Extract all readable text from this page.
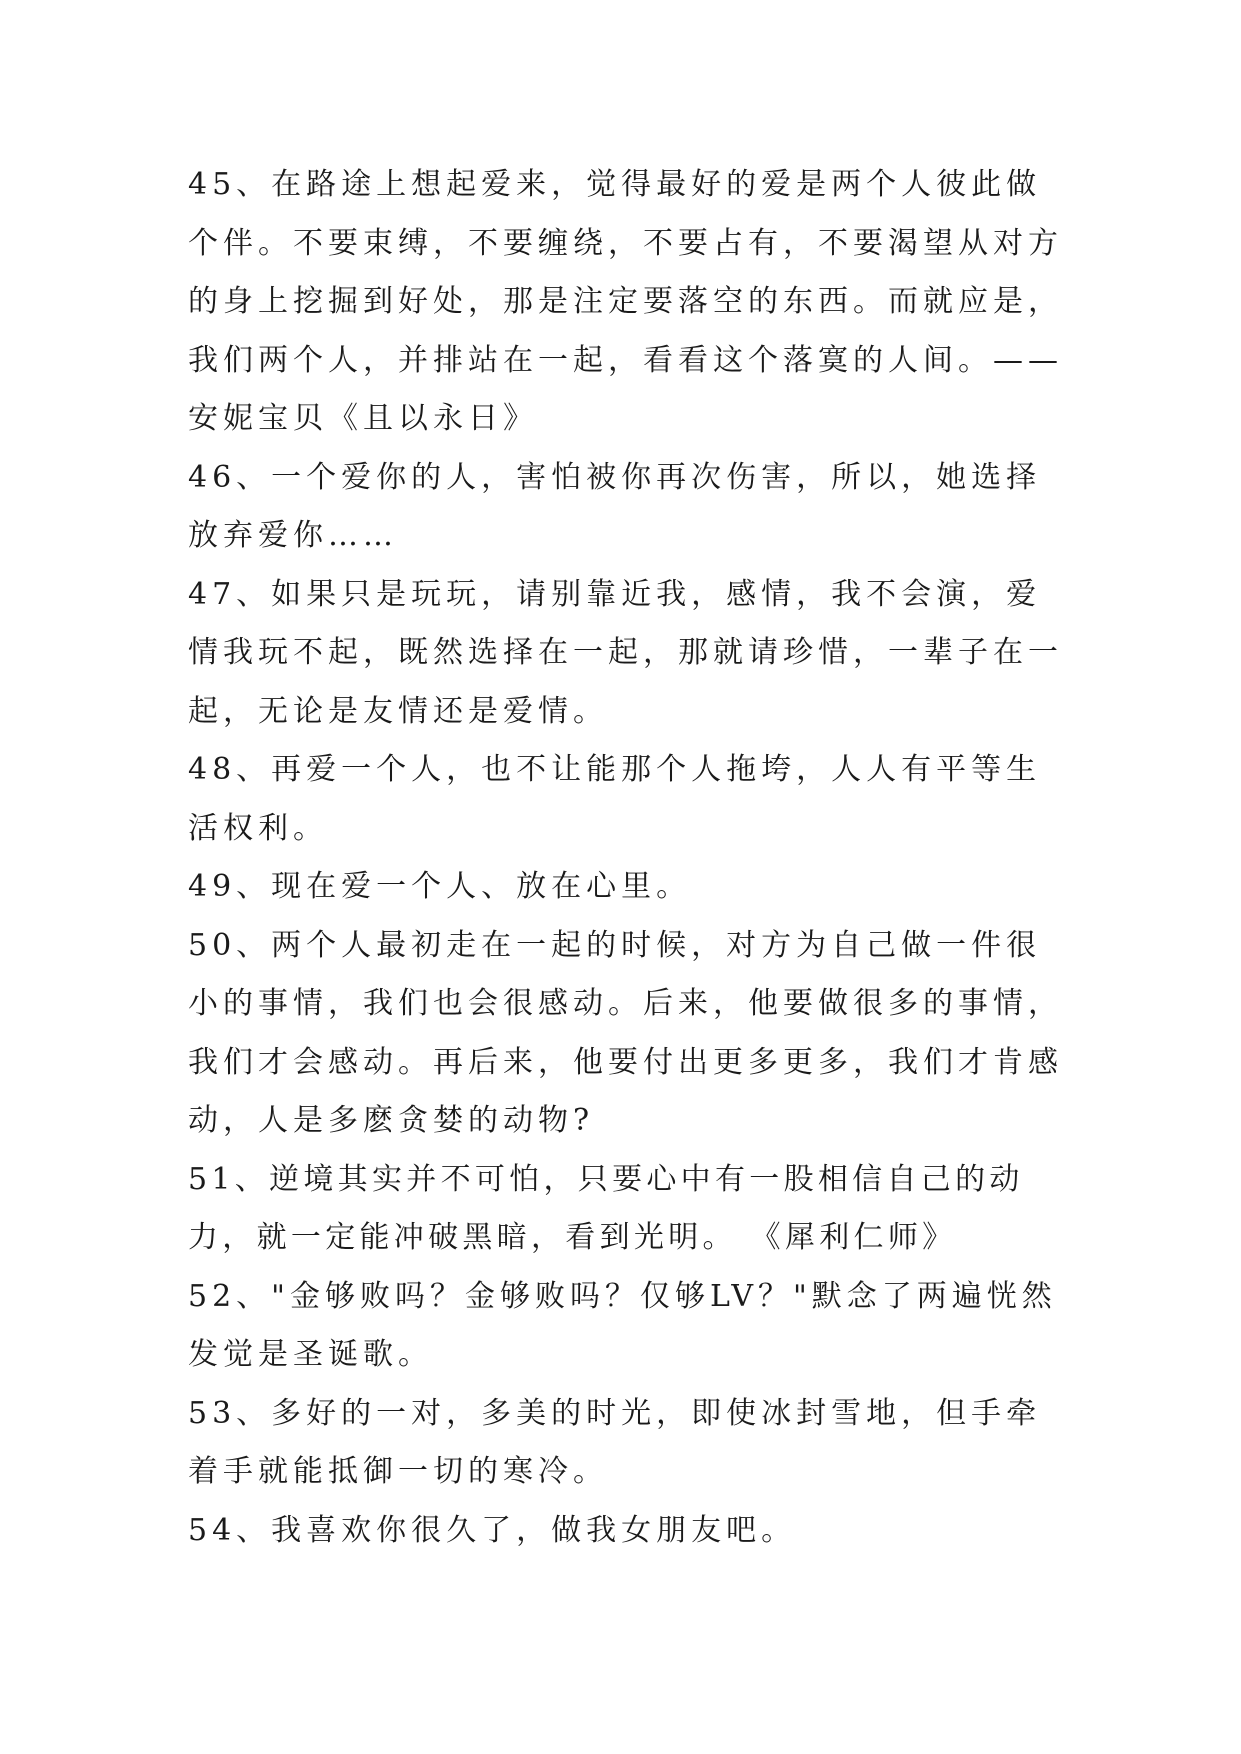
45、在路途上想起爱来，觉得最好的爱是两个人彼此做个伴。不要束缚，不要缠绕，不要占有，不要渴望从对方的身上挖掘到好处，那是注定要落空的东西。而就应是，我们两个人，并排站在一起，看看这个落寞的人间。——安妮宝贝《且以永日》

46、一个爱你的人，害怕被你再次伤害，所以，她选择放弃爱你……

47、如果只是玩玩，请别靠近我，感情，我不会演，爱情我玩不起，既然选择在一起，那就请珍惜，一辈子在一起，无论是友情还是爱情。

48、再爱一个人，也不让能那个人拖垮，人人有平等生活权利。

49、现在爱一个人、放在心里。

50、两个人最初走在一起的时候，对方为自己做一件很小的事情，我们也会很感动。后来，他要做很多的事情，我们才会感动。再后来，他要付出更多更多，我们才肯感动，人是多麽贪婪的动物?

51、逆境其实并不可怕，只要心中有一股相信自己的动力，就一定能冲破黑暗，看到光明。 《犀利仁师》

52、"金够败吗？金够败吗？仅够LV？"默念了两遍恍然发觉是圣诞歌。

53、多好的一对，多美的时光，即使冰封雪地，但手牵着手就能抵御一切的寒冷。

54、我喜欢你很久了，做我女朋友吧。
